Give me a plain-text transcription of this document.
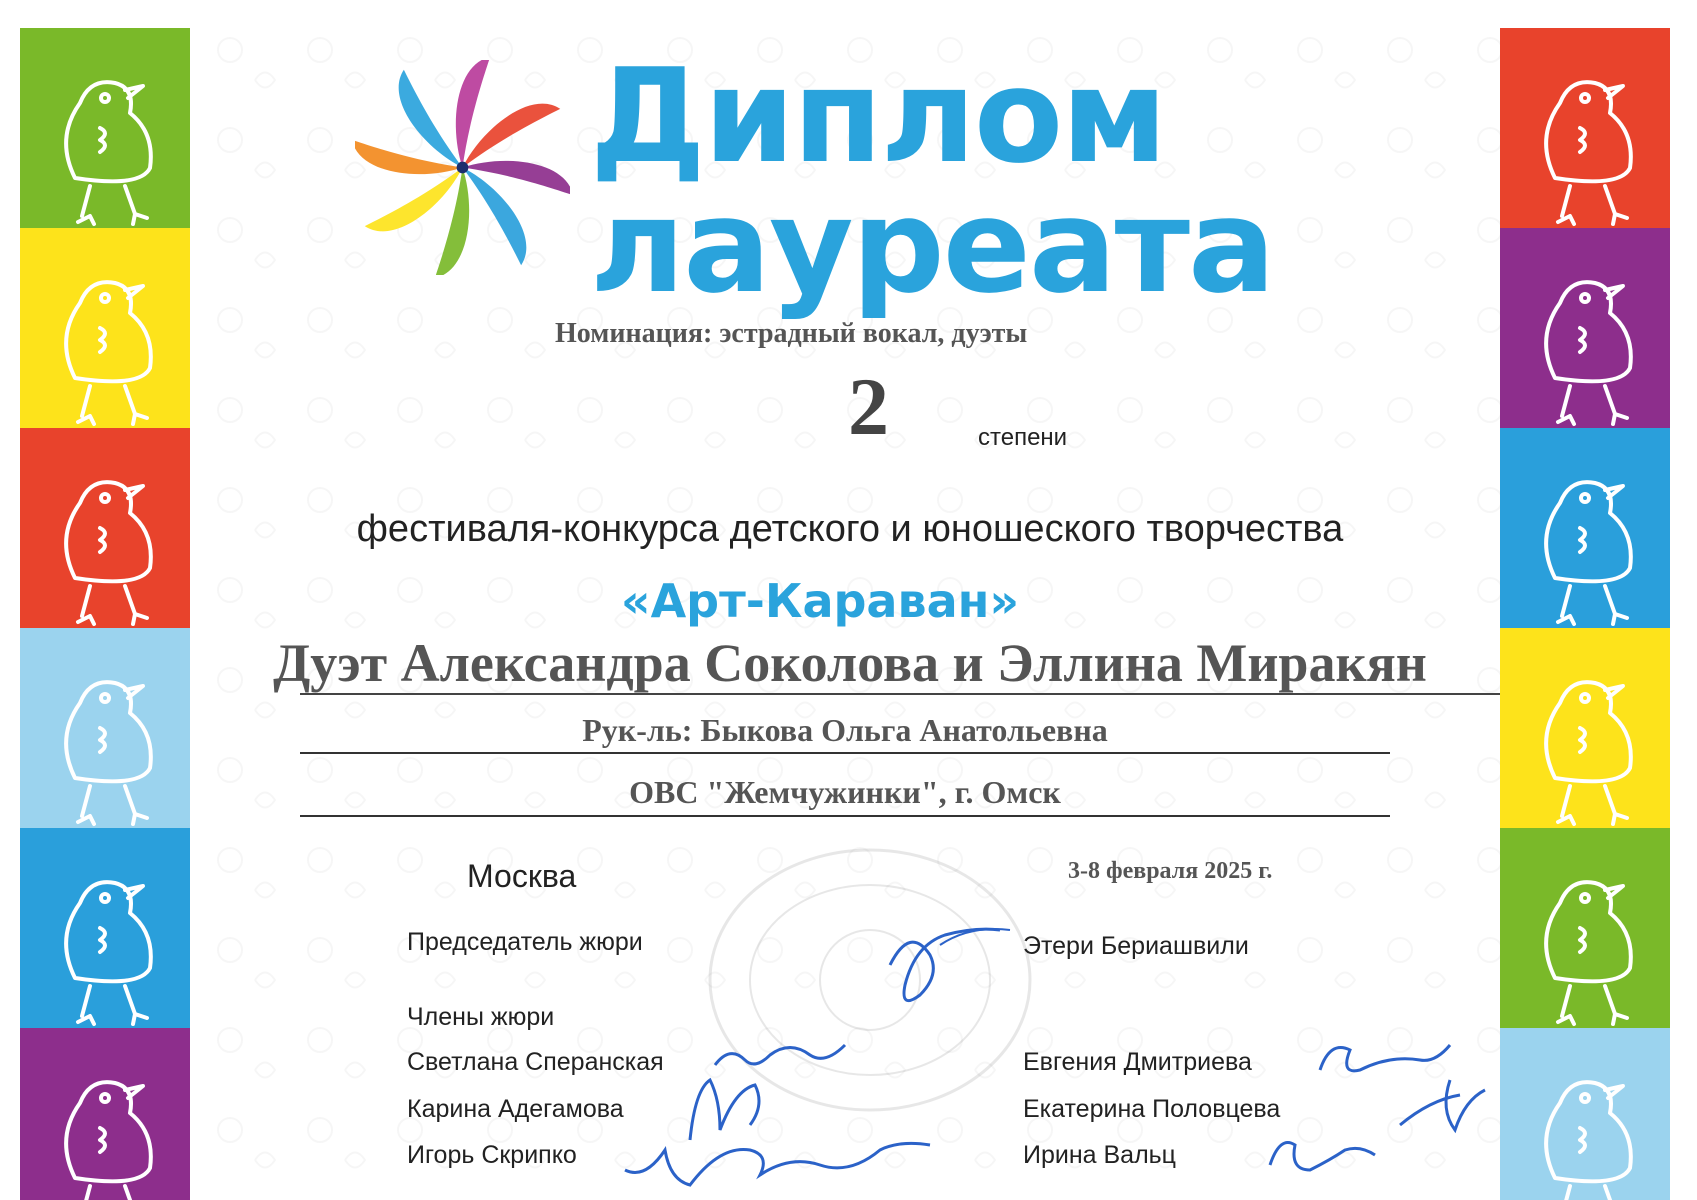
Диплом
лауреата
Номинация: эстрадный вокал, дуэты
2	степени
фестиваля-конкурса детского и юношеского творчества
«Арт-Караван»
Дуэт Александра Соколова и Эллина Миракян
Рук-ль: Быкова Ольга Анатольевна
ОВС "Жемчужинки", г. Омск
Москва	3-8 февраля 2025 г.
Председатель жюри	Этери Бериашвили
Члены жюри
Светлана Сперанская
Карина Адегамова
Игорь Скрипко
Евгения Дмитриева
Екатерина Половцева
Ирина Вальц
